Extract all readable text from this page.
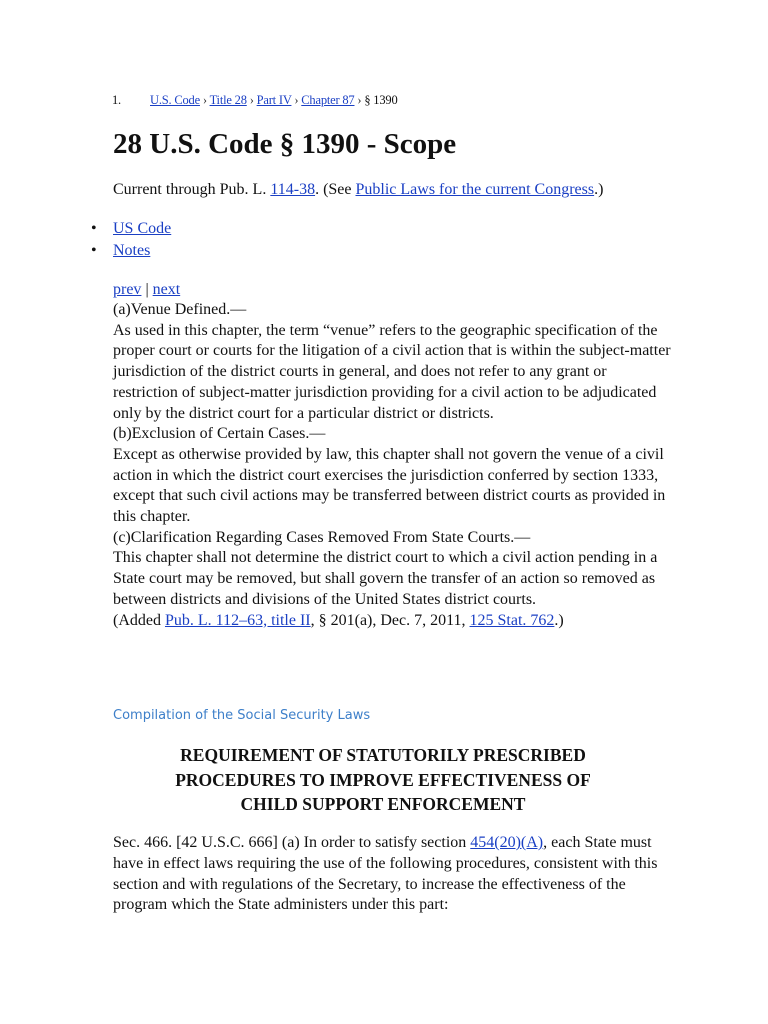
1. U.S. Code › Title 28 › Part IV › Chapter 87 › § 1390
28 U.S. Code § 1390 - Scope
Current through Pub. L. 114-38. (See Public Laws for the current Congress.)
• US Code
• Notes
prev | next

(a)Venue Defined.—

As used in this chapter, the term “venue” refers to the geographic specification of the proper court or courts for the litigation of a civil action that is within the subject-matter jurisdiction of the district courts in general, and does not refer to any grant or restriction of subject-matter jurisdiction providing for a civil action to be adjudicated only by the district court for a particular district or districts.

(b)Exclusion of Certain Cases.—

Except as otherwise provided by law, this chapter shall not govern the venue of a civil action in which the district court exercises the jurisdiction conferred by section 1333, except that such civil actions may be transferred between district courts as provided in this chapter.

(c)Clarification Regarding Cases Removed From State Courts.—

This chapter shall not determine the district court to which a civil action pending in a State court may be removed, but shall govern the transfer of an action so removed as between districts and divisions of the United States district courts.

(Added Pub. L. 112–63, title II, § 201(a), Dec. 7, 2011, 125 Stat. 762.)

Compilation of the Social Security Laws
REQUIREMENT OF STATUTORILY PRESCRIBED
PROCEDURES TO IMPROVE EFFECTIVENESS OF
CHILD SUPPORT ENFORCEMENT
Sec. 466. [42 U.S.C. 666] (a) In order to satisfy section 454(20)(A), each State must have in effect laws requiring the use of the following procedures, consistent with this section and with regulations of the Secretary, to increase the effectiveness of the program which the State administers under this part:
